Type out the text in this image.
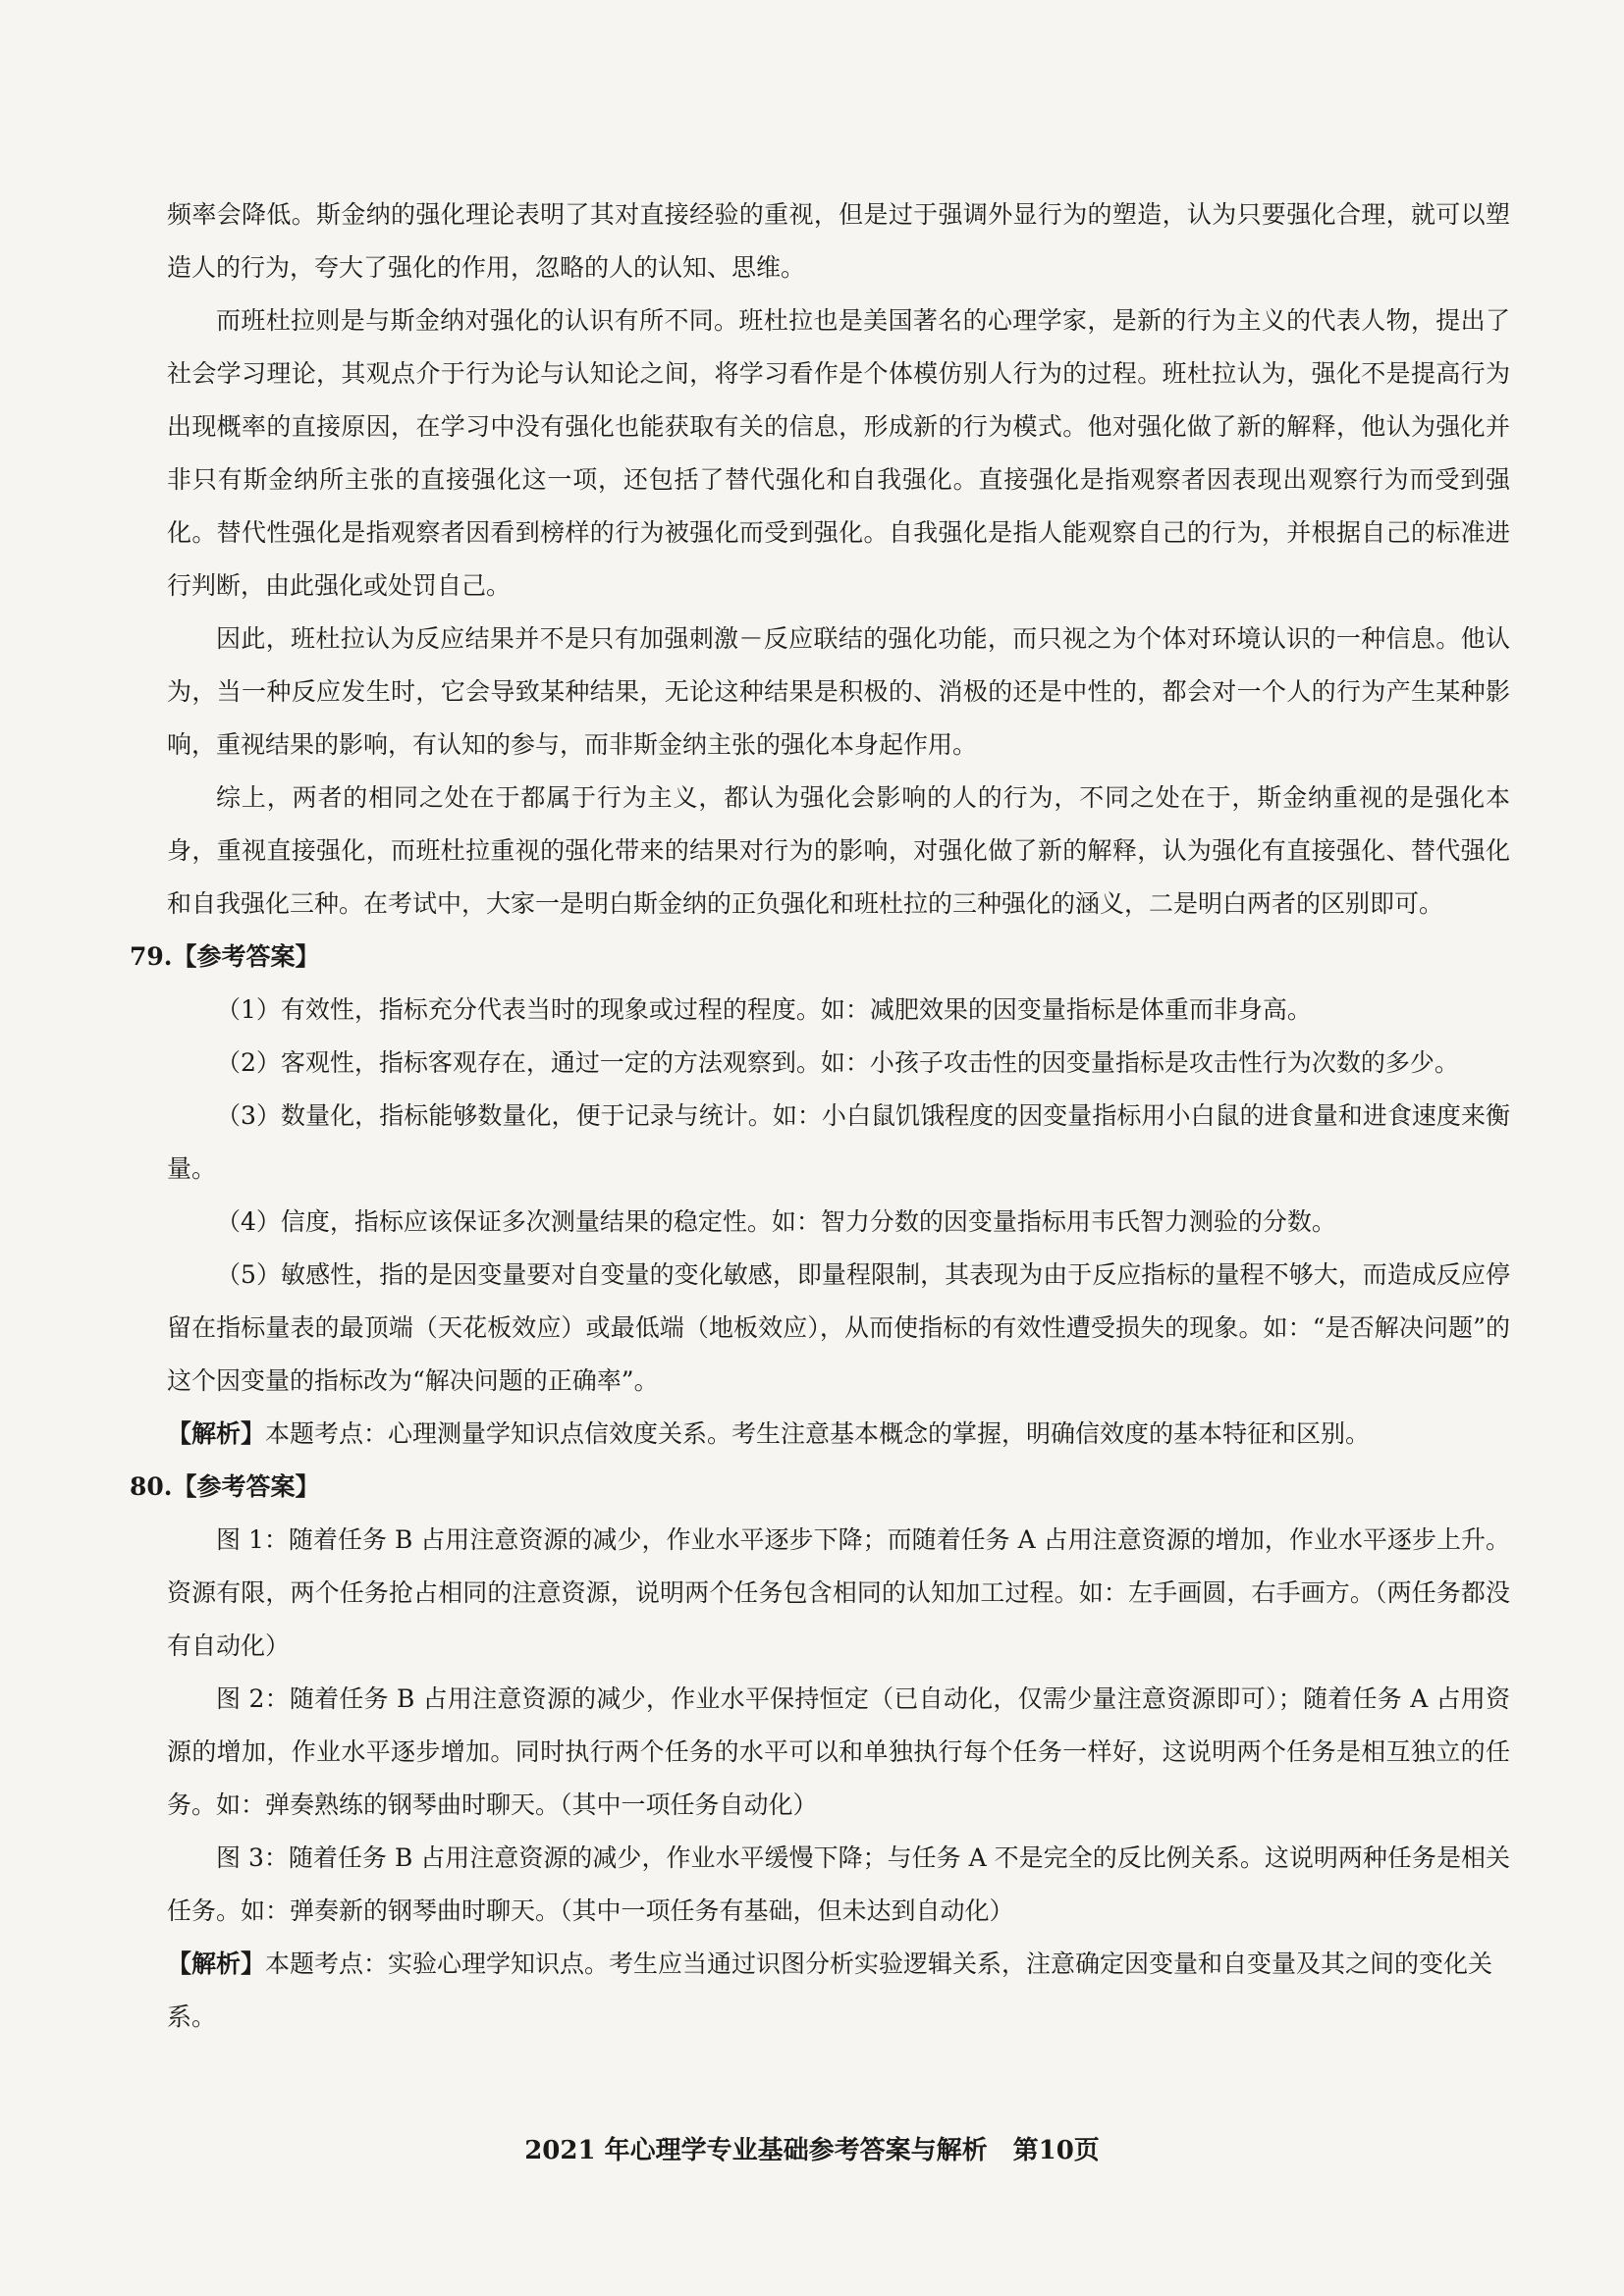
频率会降低。斯金纳的强化理论表明了其对直接经验的重视，但是过于强调外显行为的塑造，认为只要强化合理，就可以塑造人的行为，夸大了强化的作用，忽略的人的认知、思维。

而班杜拉则是与斯金纳对强化的认识有所不同。班杜拉也是美国著名的心理学家，是新的行为主义的代表人物，提出了社会学习理论，其观点介于行为论与认知论之间，将学习看作是个体模仿别人行为的过程。班杜拉认为，强化不是提高行为出现概率的直接原因，在学习中没有强化也能获取有关的信息，形成新的行为模式。他对强化做了新的解释，他认为强化并非只有斯金纳所主张的直接强化这一项，还包括了替代强化和自我强化。直接强化是指观察者因表现出观察行为而受到强化。替代性强化是指观察者因看到榜样的行为被强化而受到强化。自我强化是指人能观察自己的行为，并根据自己的标准进行判断，由此强化或处罚自己。

因此，班杜拉认为反应结果并不是只有加强刺激－反应联结的强化功能，而只视之为个体对环境认识的一种信息。他认为，当一种反应发生时，它会导致某种结果，无论这种结果是积极的、消极的还是中性的，都会对一个人的行为产生某种影响，重视结果的影响，有认知的参与，而非斯金纳主张的强化本身起作用。

综上，两者的相同之处在于都属于行为主义，都认为强化会影响的人的行为，不同之处在于，斯金纳重视的是强化本身，重视直接强化，而班杜拉重视的强化带来的结果对行为的影响，对强化做了新的解释，认为强化有直接强化、替代强化和自我强化三种。在考试中，大家一是明白斯金纳的正负强化和班杜拉的三种强化的涵义，二是明白两者的区别即可。

79.【参考答案】

（1）有效性，指标充分代表当时的现象或过程的程度。如：减肥效果的因变量指标是体重而非身高。

（2）客观性，指标客观存在，通过一定的方法观察到。如：小孩子攻击性的因变量指标是攻击性行为次数的多少。

（3）数量化，指标能够数量化，便于记录与统计。如：小白鼠饥饿程度的因变量指标用小白鼠的进食量和进食速度来衡量。

（4）信度，指标应该保证多次测量结果的稳定性。如：智力分数的因变量指标用韦氏智力测验的分数。

（5）敏感性，指的是因变量要对自变量的变化敏感，即量程限制，其表现为由于反应指标的量程不够大，而造成反应停留在指标量表的最顶端（天花板效应）或最低端（地板效应），从而使指标的有效性遭受损失的现象。如：“是否解决问题”的这个因变量的指标改为“解决问题的正确率”。

【解析】本题考点：心理测量学知识点信效度关系。考生注意基本概念的掌握，明确信效度的基本特征和区别。

80.【参考答案】

图 1：随着任务 B 占用注意资源的减少，作业水平逐步下降；而随着任务 A 占用注意资源的增加，作业水平逐步上升。资源有限，两个任务抢占相同的注意资源，说明两个任务包含相同的认知加工过程。如：左手画圆，右手画方。（两任务都没有自动化）

图 2：随着任务 B 占用注意资源的减少，作业水平保持恒定（已自动化，仅需少量注意资源即可）；随着任务 A 占用资源的增加，作业水平逐步增加。同时执行两个任务的水平可以和单独执行每个任务一样好，这说明两个任务是相互独立的任务。如：弹奏熟练的钢琴曲时聊天。（其中一项任务自动化）

图 3：随着任务 B 占用注意资源的减少，作业水平缓慢下降；与任务 A 不是完全的反比例关系。这说明两种任务是相关任务。如：弹奏新的钢琴曲时聊天。（其中一项任务有基础，但未达到自动化）

【解析】本题考点：实验心理学知识点。考生应当通过识图分析实验逻辑关系，注意确定因变量和自变量及其之间的变化关系。

2021 年心理学专业基础参考答案与解析　第10页
